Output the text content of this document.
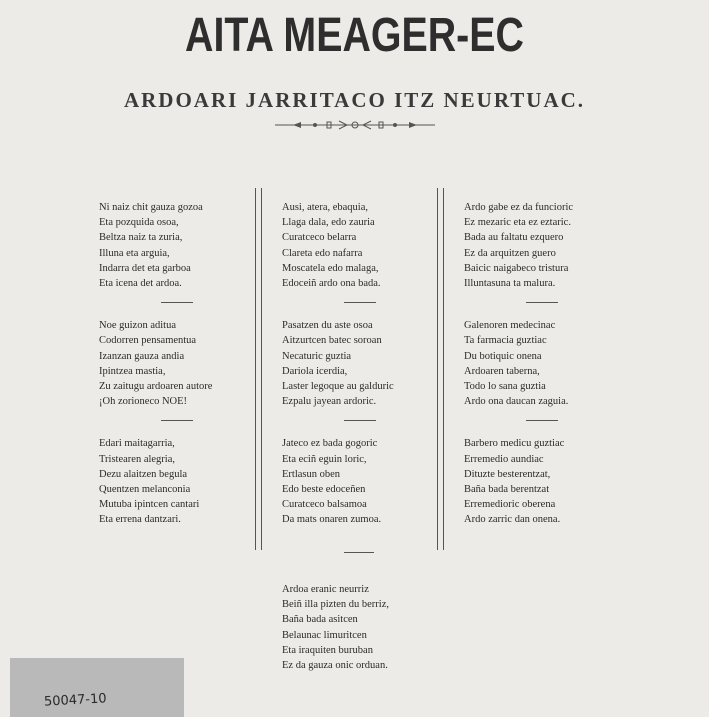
AITA MEAGER-EC
ARDOARI JARRITACO ITZ NEURTUAC.
Ni naiz chit gauza gozoa
Eta pozquida osoa,
Beltza naiz ta zuria,
Illuna eta arguia,
Indarra det eta garboa
Eta icena det ardoa.
Noe guizon aditua
Codorren pensamentua
Izanzan gauza andia
Ipintzea mastia,
Zu zaitugu ardoaren autore
¡Oh zorioneco NOE!
Edari maitagarria,
Tristearen alegria,
Dezu alaitzen begula
Quentzen melanconia
Mutuba ipintcen cantari
Eta errena dantzari.
Ausi, atera, ebaquia,
Llaga dala, edo zauria
Curatceco belarra
Clareta edo nafarra
Moscatela edo malaga,
Edoceiñ ardo ona bada.
Pasatzen du aste osoa
Aitzurtcen batec soroan
Necaturic guztia
Dariola icerdia,
Laster legoque au galduric
Ezpalu jayean ardoric.
Jateco ez bada gogoric
Eta eciñ eguin loric,
Ertlasun oben
Edo beste edoceñen
Curatceco balsamoa
Da mats onaren zumoa.
Ardo gabe ez da funcioric
Ez mezaric eta ez eztaric.
Bada au faltatu ezquero
Ez da arquitzen guero
Baicic naigabeco tristura
Illuntasuna ta malura.
Galenoren medecinac
Ta farmacia guztiac
Du botiquic onena
Ardoaren taberna,
Todo lo sana guztia
Ardo ona daucan zaguia.
Barbero medicu guztiac
Erremedio aundiac
Dituzte besterentzat,
Baña bada berentzat
Erremedioric oberena
Ardo zarric dan onena.
Ardoa eranic neurriz
Beiñ illa pizten du berriz,
Baña bada asitcen
Belaunac limuritcen
Eta iraquiten buruban
Ez da gauza onic orduan.
50047-10
